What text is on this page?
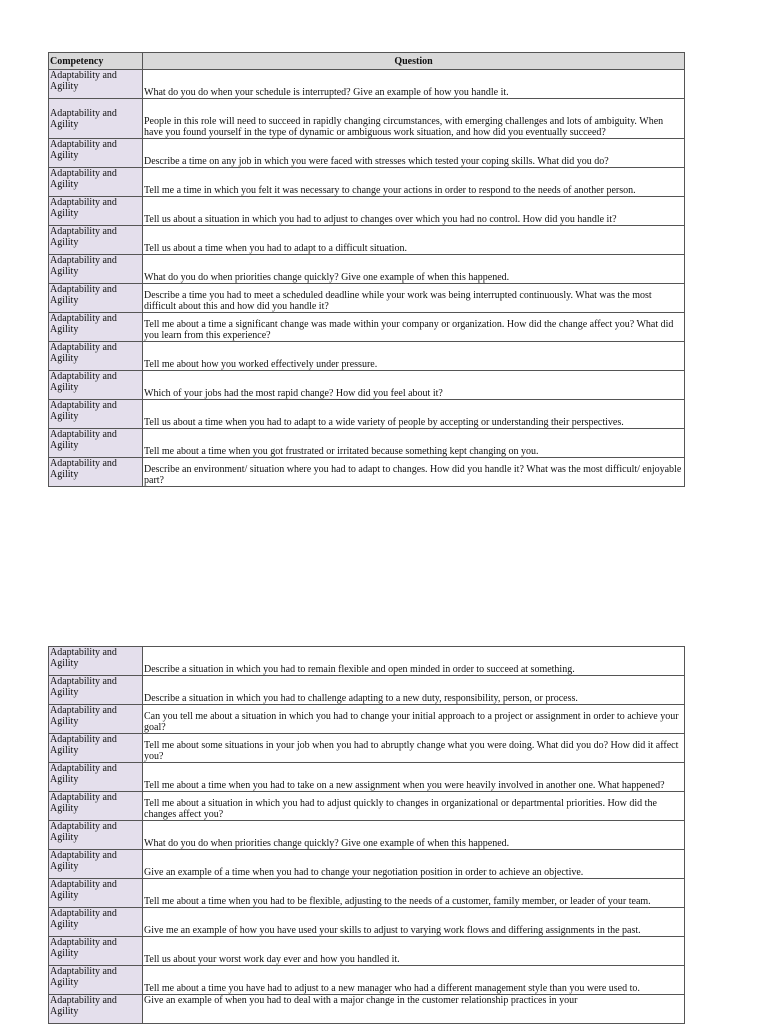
Competency	Question
Adaptability and Agility	What do you do when your schedule is interrupted? Give an example of how you handle it.
Adaptability and Agility	People in this role will need to succeed in rapidly changing circumstances, with emerging challenges and lots of ambiguity. When have you found yourself in the type of dynamic or ambiguous work situation, and how did you eventually succeed?
Adaptability and Agility	Describe a time on any job in which you were faced with stresses which tested your coping skills. What did you do?
Adaptability and Agility	Tell me a time in which you felt it was necessary to change your actions in order to respond to the needs of another person.
Adaptability and Agility	Tell us about a situation in which you had to adjust to changes over which you had no control. How did you handle it?
Adaptability and Agility	Tell us about a time when you had to adapt to a difficult situation.
Adaptability and Agility	What do you do when priorities change quickly? Give one example of when this happened.
Adaptability and Agility	Describe a time you had to meet a scheduled deadline while your work was being interrupted continuously. What was the most difficult about this and how did you handle it?
Adaptability and Agility	Tell me about a time a significant change was made within your company or organization. How did the change affect you? What did you learn from this experience?
Adaptability and Agility	Tell me about how you worked effectively under pressure.
Adaptability and Agility	Which of your jobs had the most rapid change? How did you feel about it?
Adaptability and Agility	Tell us about a time when you had to adapt to a wide variety of people by accepting or understanding their perspectives.
Adaptability and Agility	Tell me about a time when you got frustrated or irritated because something kept changing on you.
Adaptability and Agility	Describe an environment/ situation where you had to adapt to changes. How did you handle it? What was the most difficult/ enjoyable part?
Adaptability and Agility	Describe a situation in which you had to remain flexible and open minded in order to succeed at something.
Adaptability and Agility	Describe a situation in which you had to challenge adapting to a new duty, responsibility, person, or process.
Adaptability and Agility	Can you tell me about a situation in which you had to change your initial approach to a project or assignment in order to achieve your goal?
Adaptability and Agility	Tell me about some situations in your job when you had to abruptly change what you were doing. What did you do? How did it affect you?
Adaptability and Agility	Tell me about a time when you had to take on a new assignment when you were heavily involved in another one. What happened?
Adaptability and Agility	Tell me about a situation in which you had to adjust quickly to changes in organizational or departmental priorities. How did the changes affect you?
Adaptability and Agility	What do you do when priorities change quickly? Give one example of when this happened.
Adaptability and Agility	Give an example of a time when you had to change your negotiation position in order to achieve an objective.
Adaptability and Agility	Tell me about a time when you had to be flexible, adjusting to the needs of a customer, family member, or leader of your team.
Adaptability and Agility	Give me an example of how you have used your skills to adjust to varying work flows and differing assignments in the past.
Adaptability and Agility	Tell us about your worst work day ever and how you handled it.
Adaptability and Agility	Tell me about a time you have had to adjust to a new manager who had a different management style than you were used to.
Adaptability and Agility	Give an example of when you had to deal with a major change in the customer relationship practices in your
